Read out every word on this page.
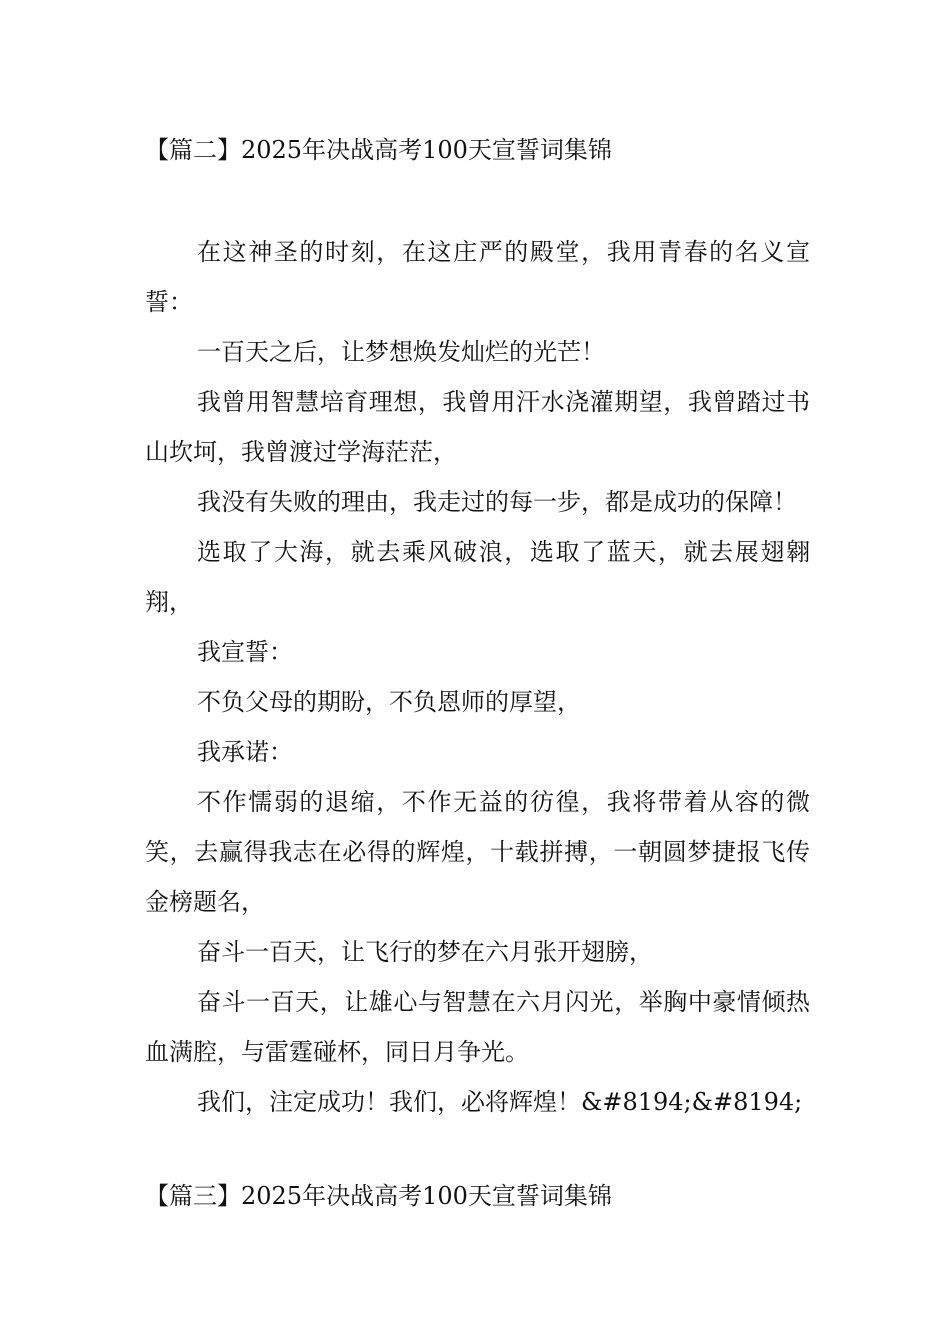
【篇二】2025年决战高考100天宣誓词集锦

在这神圣的时刻，在这庄严的殿堂，我用青春的名义宣誓：

一百天之后，让梦想焕发灿烂的光芒！

我曾用智慧培育理想，我曾用汗水浇灌期望，我曾踏过书山坎坷，我曾渡过学海茫茫，

我没有失败的理由，我走过的每一步，都是成功的保障！

选取了大海，就去乘风破浪，选取了蓝天，就去展翅翱翔，

我宣誓：

不负父母的期盼，不负恩师的厚望，

我承诺：

不作懦弱的退缩，不作无益的彷徨，我将带着从容的微笑，去赢得我志在必得的辉煌，十载拼搏，一朝圆梦捷报飞传金榜题名，

奋斗一百天，让飞行的梦在六月张开翅膀，

奋斗一百天，让雄心与智慧在六月闪光，举胸中豪情倾热血满腔，与雷霆碰杯，同日月争光。

我们，注定成功！我们，必将辉煌！&#8194;&#8194;

【篇三】2025年决战高考100天宣誓词集锦
